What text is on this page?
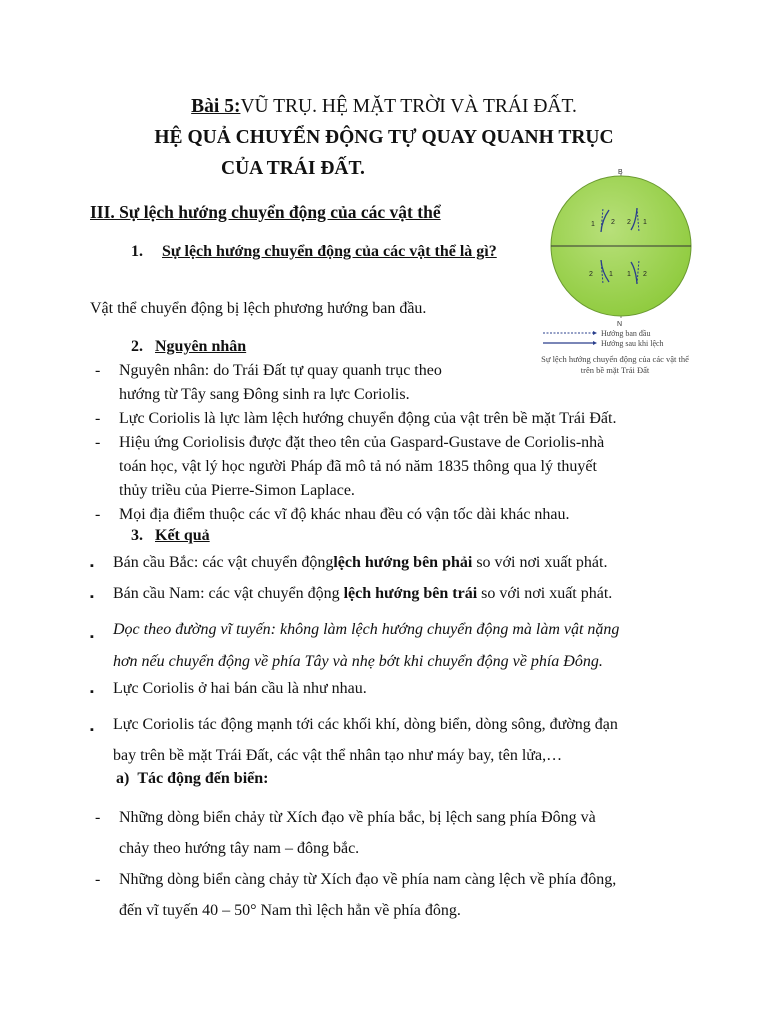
Bài 5:VŨ TRỤ. HỆ MẶT TRỜI VÀ TRÁI ĐẤT.
HỆ QUẢ CHUYỂN ĐỘNG TỰ QUAY QUANH TRỤC
CỦA TRÁI ĐẤT.
III. Sự lệch hướng chuyển động của các vật thể
1. Sự lệch hướng chuyển động của các vật thể là gì?
Vật thể chuyển động bị lệch phương hướng ban đầu.
2. Nguyên nhân
- Nguyên nhân: do Trái Đất tự quay quanh trục theo
hướng từ Tây sang Đông sinh ra lực Coriolis.
- Lực Coriolis là lực làm lệch hướng chuyển động của vật trên bề mặt Trái Đất.
- Hiệu ứng Coriolisis được đặt theo tên của Gaspard-Gustave de Coriolis-nhà
toán học, vật lý học người Pháp đã mô tả nó năm 1835 thông qua lý thuyết
thủy triều của Pierre-Simon Laplace.
- Mọi địa điểm thuộc các vĩ độ khác nhau đều có vận tốc dài khác nhau.
3. Kết quả
▪ Bán cầu Bắc: các vật chuyển độnglệch hướng bên phải so với nơi xuất phát.
▪ Bán cầu Nam: các vật chuyển động lệch hướng bên trái so với nơi xuất phát.
▪ Dọc theo đường vĩ tuyến: không làm lệch hướng chuyển động mà làm vật nặng
hơn nếu chuyển động về phía Tây và nhẹ bớt khi chuyển động về phía Đông.
▪ Lực Coriolis ở hai bán cầu là như nhau.
▪ Lực Coriolis tác động mạnh tới các khối khí, dòng biển, dòng sông, đường đạn
bay trên bề mặt Trái Đất, các vật thể nhân tạo như máy bay, tên lửa,…
a) Tác động đến biển:
- Những dòng biển chảy từ Xích đạo về phía bắc, bị lệch sang phía Đông và
chảy theo hướng tây nam – đông bắc.
- Những dòng biển càng chảy từ Xích đạo về phía nam càng lệch về phía đông,
đến vĩ tuyến 40 – 50° Nam thì lệch hẳn về phía đông.
B
N
1 2 2 1
2 1 1 2
Hướng ban đầu
Hướng sau khi lệch
Sự lệch hướng chuyển động của các vật thể
trên bề mặt Trái Đất
